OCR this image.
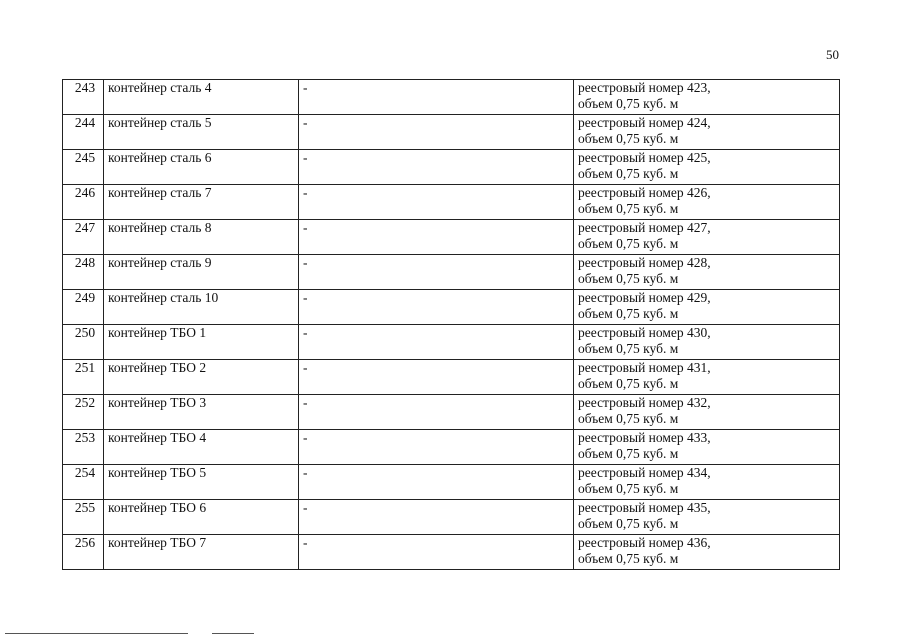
50
243	контейнер сталь 4	-	реестровый номер 423,
объем 0,75 куб. м

244	контейнер сталь 5	-	реестровый номер 424,
объем 0,75 куб. м

245	контейнер сталь 6	-	реестровый номер 425,
объем 0,75 куб. м

246	контейнер сталь 7	-	реестровый номер 426,
объем 0,75 куб. м

247	контейнер сталь 8	-	реестровый номер 427,
объем 0,75 куб. м

248	контейнер сталь 9	-	реестровый номер 428,
объем 0,75 куб. м

249	контейнер сталь 10	-	реестровый номер 429,
объем 0,75 куб. м

250	контейнер ТБО 1	-	реестровый номер 430,
объем 0,75 куб. м

251	контейнер ТБО 2	-	реестровый номер 431,
объем 0,75 куб. м

252	контейнер ТБО 3	-	реестровый номер 432,
объем 0,75 куб. м

253	контейнер ТБО 4	-	реестровый номер 433,
объем 0,75 куб. м

254	контейнер ТБО 5	-	реестровый номер 434,
объем 0,75 куб. м

255	контейнер ТБО 6	-	реестровый номер 435,
объем 0,75 куб. м

256	контейнер ТБО 7	-	реестровый номер 436,
объем 0,75 куб. м
